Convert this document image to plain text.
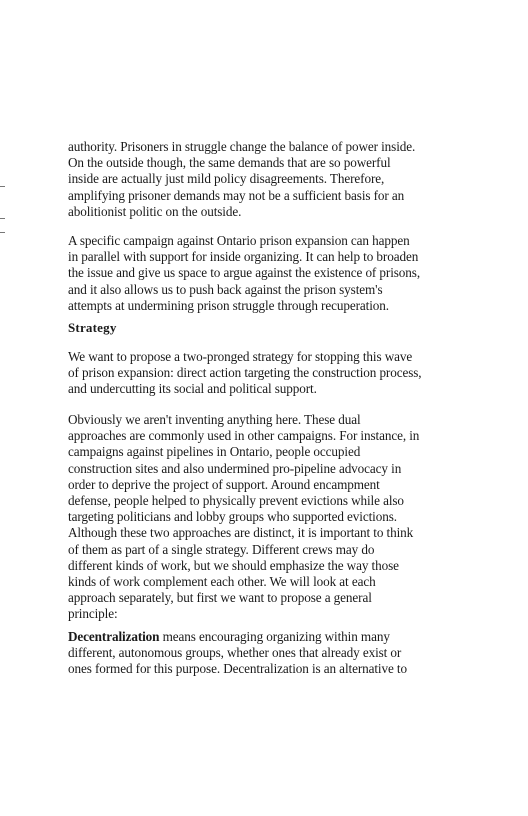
authority. Prisoners in struggle change the balance of power inside.
On the outside though, the same demands that are so powerful
inside are actually just mild policy disagreements. Therefore,
amplifying prisoner demands may not be a sufficient basis for an
abolitionist politic on the outside.
A specific campaign against Ontario prison expansion can happen
in parallel with support for inside organizing. It can help to broaden
the issue and give us space to argue against the existence of prisons,
and it also allows us to push back against the prison system's
attempts at undermining prison struggle through recuperation.
Strategy
We want to propose a two-pronged strategy for stopping this wave
of prison expansion: direct action targeting the construction process,
and undercutting its social and political support.
Obviously we aren't inventing anything here. These dual
approaches are commonly used in other campaigns. For instance, in
campaigns against pipelines in Ontario, people occupied
construction sites and also undermined pro-pipeline advocacy in
order to deprive the project of support. Around encampment
defense, people helped to physically prevent evictions while also
targeting politicians and lobby groups who supported evictions.
Although these two approaches are distinct, it is important to think
of them as part of a single strategy. Different crews may do
different kinds of work, but we should emphasize the way those
kinds of work complement each other. We will look at each
approach separately, but first we want to propose a general
principle:
Decentralization means encouraging organizing within many
different, autonomous groups, whether ones that already exist or
ones formed for this purpose. Decentralization is an alternative to
